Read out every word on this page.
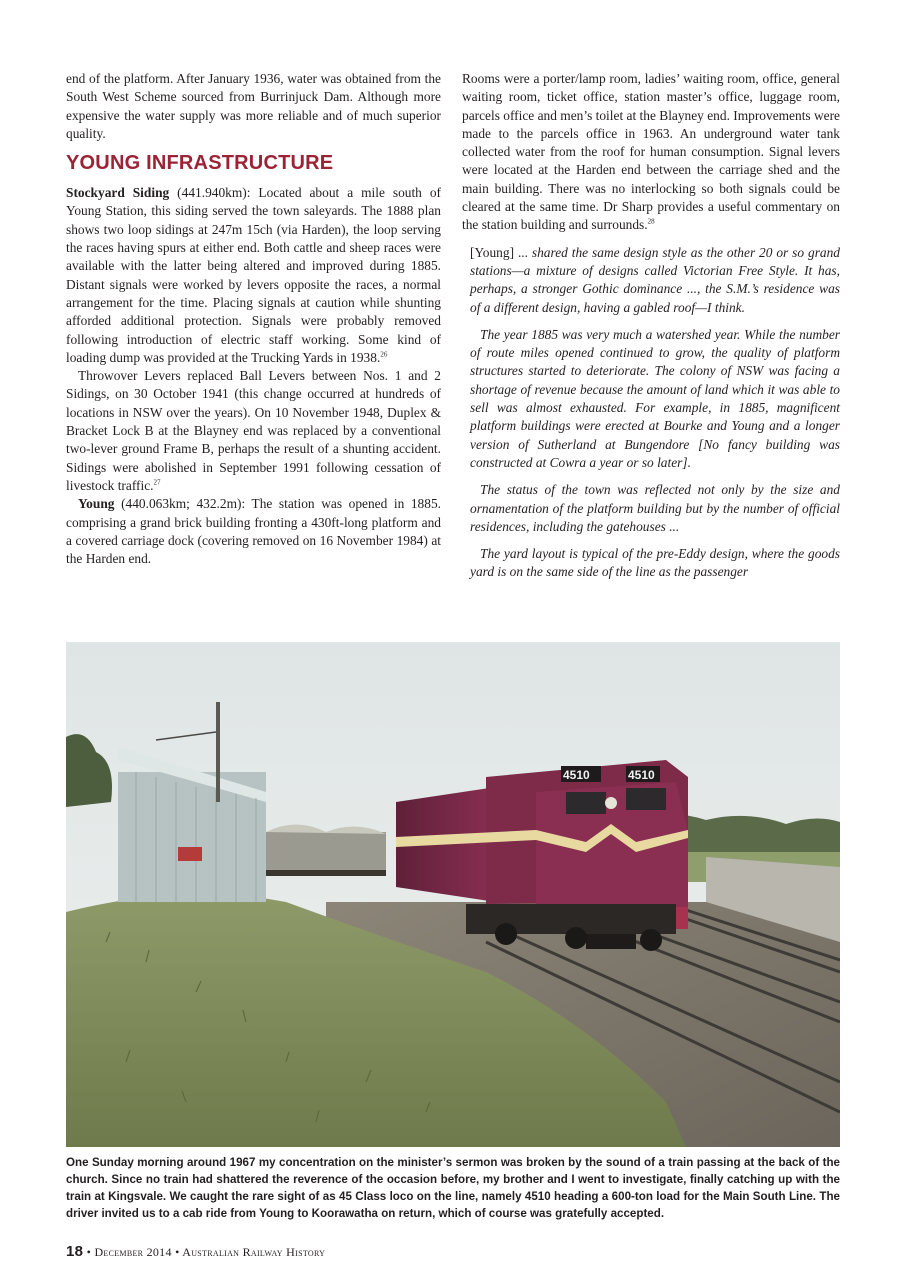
end of the platform. After January 1936, water was obtained from the South West Scheme sourced from Burrinjuck Dam. Although more expensive the water supply was more reliable and of much superior quality.

YOUNG INFRASTRUCTURE

Stockyard Siding (441.940km): Located about a mile south of Young Station, this siding served the town saleyards. The 1888 plan shows two loop sidings at 247m 15ch (via Harden), the loop serving the races having spurs at either end. Both cattle and sheep races were available with the latter being altered and improved during 1885. Distant signals were worked by levers opposite the races, a normal arrangement for the time. Placing signals at caution while shunting afforded additional protection. Signals were probably removed following introduction of electric staff working. Some kind of loading dump was provided at the Trucking Yards in 1938.26

Throwover Levers replaced Ball Levers between Nos. 1 and 2 Sidings, on 30 October 1941 (this change occurred at hundreds of locations in NSW over the years). On 10 November 1948, Duplex & Bracket Lock B at the Blayney end was replaced by a conventional two-lever ground Frame B, perhaps the result of a shunting accident. Sidings were abolished in September 1991 following cessation of livestock traffic.$^{27}$

Young (440.063km; 432.2m): The station was opened in 1885. comprising a grand brick building fronting a 430ft-long platform and a covered carriage dock (covering removed on 16 November 1984) at the Harden end.

Rooms were a porter/lamp room, ladies’ waiting room, office, general waiting room, ticket office, station master’s office, luggage room, parcels office and men’s toilet at the Blayney end. Improvements were made to the parcels office in 1963. An underground water tank collected water from the roof for human consumption. Signal levers were located at the Harden end between the carriage shed and the main building. There was no interlocking so both signals could be cleared at the same time. Dr Sharp provides a useful commentary on the station building and surrounds.$^{28}$

[Young] ... shared the same design style as the other 20 or so grand stations—a mixture of designs called Victorian Free Style. It has, perhaps, a stronger Gothic dominance ..., the S.M.’s residence was of a different design, having a gabled roof—I think.

The year 1885 was very much a watershed year. While the number of route miles opened continued to grow, the quality of platform structures started to deteriorate. The colony of NSW was facing a shortage of revenue because the amount of land which it was able to sell was almost exhausted. For example, in 1885, magnificent platform buildings were erected at Bourke and Young and a longer version of Sutherland at Bungendore [No fancy building was constructed at Cowra a year or so later].

The status of the town was reflected not only by the size and ornamentation of the platform building but by the number of official residences, including the gatehouses ...

The yard layout is typical of the pre-Eddy design, where the goods yard is on the same side of the line as the passenger

4510	4510

One Sunday morning around 1967 my concentration on the minister’s sermon was broken by the sound of a train passing at the back of the church. Since no train had shattered the reverence of the occasion before, my brother and I went to investigate, finally catching up with the train at Kingsvale. We caught the rare sight of as 45 Class loco on the line, namely 4510 heading a 600-ton load for the Main South Line. The driver invited us to a cab ride from Young to Koorawatha on return, which of course was gratefully accepted.

18 • December 2014 • Australian Railway History
